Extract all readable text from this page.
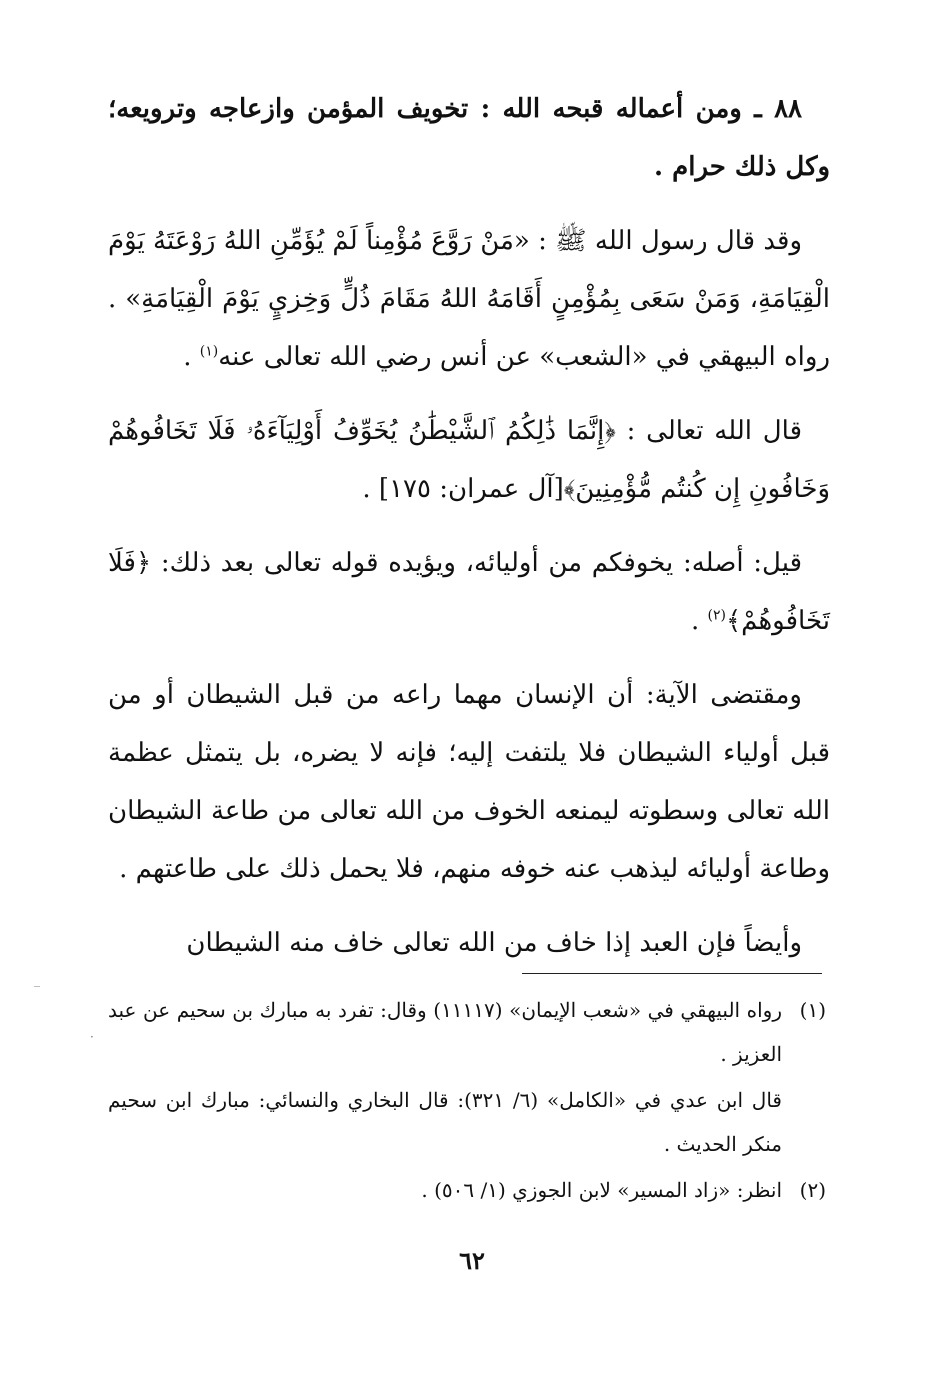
٨٨ ـ ومن أعماله قبحه الله : تخويف المؤمن وازعاجه وترويعه؛ وكل ذلك حرام .

وقد قال رسول الله ﷺ : «مَنْ رَوَّعَ مُؤْمِناً لَمْ يُؤَمِّنِ اللهُ رَوْعَتَهُ يَوْمَ الْقِيَامَةِ، وَمَنْ سَعَى بِمُؤْمِنٍ أَقَامَهُ اللهُ مَقَامَ ذُلٍّ وَخِزيٍ يَوْمَ الْقِيَامَةِ» . رواه البيهقي في «الشعب» عن أنس رضي الله تعالى عنه$^{(١)}$ .

قال الله تعالى : ﴿إِنَّمَا ذَٰلِكُمُ ٱلشَّيْطَٰنُ يُخَوِّفُ أَوْلِيَآءَهُۥ فَلَا تَخَافُوهُمْ وَخَافُونِ إِن كُنتُم مُّؤْمِنِينَ﴾[آل عمران: ١٧٥] .

قيل: أصله: يخوفكم من أوليائه، ويؤيده قوله تعالى بعد ذلك: ﴿فَلَا تَخَافُوهُمْ﴾$^{(٢)}$ .

ومقتضى الآية: أن الإنسان مهما راعه من قبل الشيطان أو من قبل أولياء الشيطان فلا يلتفت إليه؛ فإنه لا يضره، بل يتمثل عظمة الله تعالى وسطوته ليمنعه الخوف من الله تعالى من طاعة الشيطان وطاعة أوليائه ليذهب عنه خوفه منهم، فلا يحمل ذلك على طاعتهم .

وأيضاً فإن العبد إذا خاف من الله تعالى خاف منه الشيطان

(١)
رواه البيهقي في «شعب الإيمان» (١١١١٧) وقال: تفرد به مبارك بن سحيم عن عبد العزيز .
قال ابن عدي في «الكامل» (٦/ ٣٢١): قال البخاري والنسائي: مبارك ابن سحيم منكر الحديث .
(٢)
انظر: «زاد المسير» لابن الجوزي (١/ ٥٠٦) .
٦٢
‾
·
